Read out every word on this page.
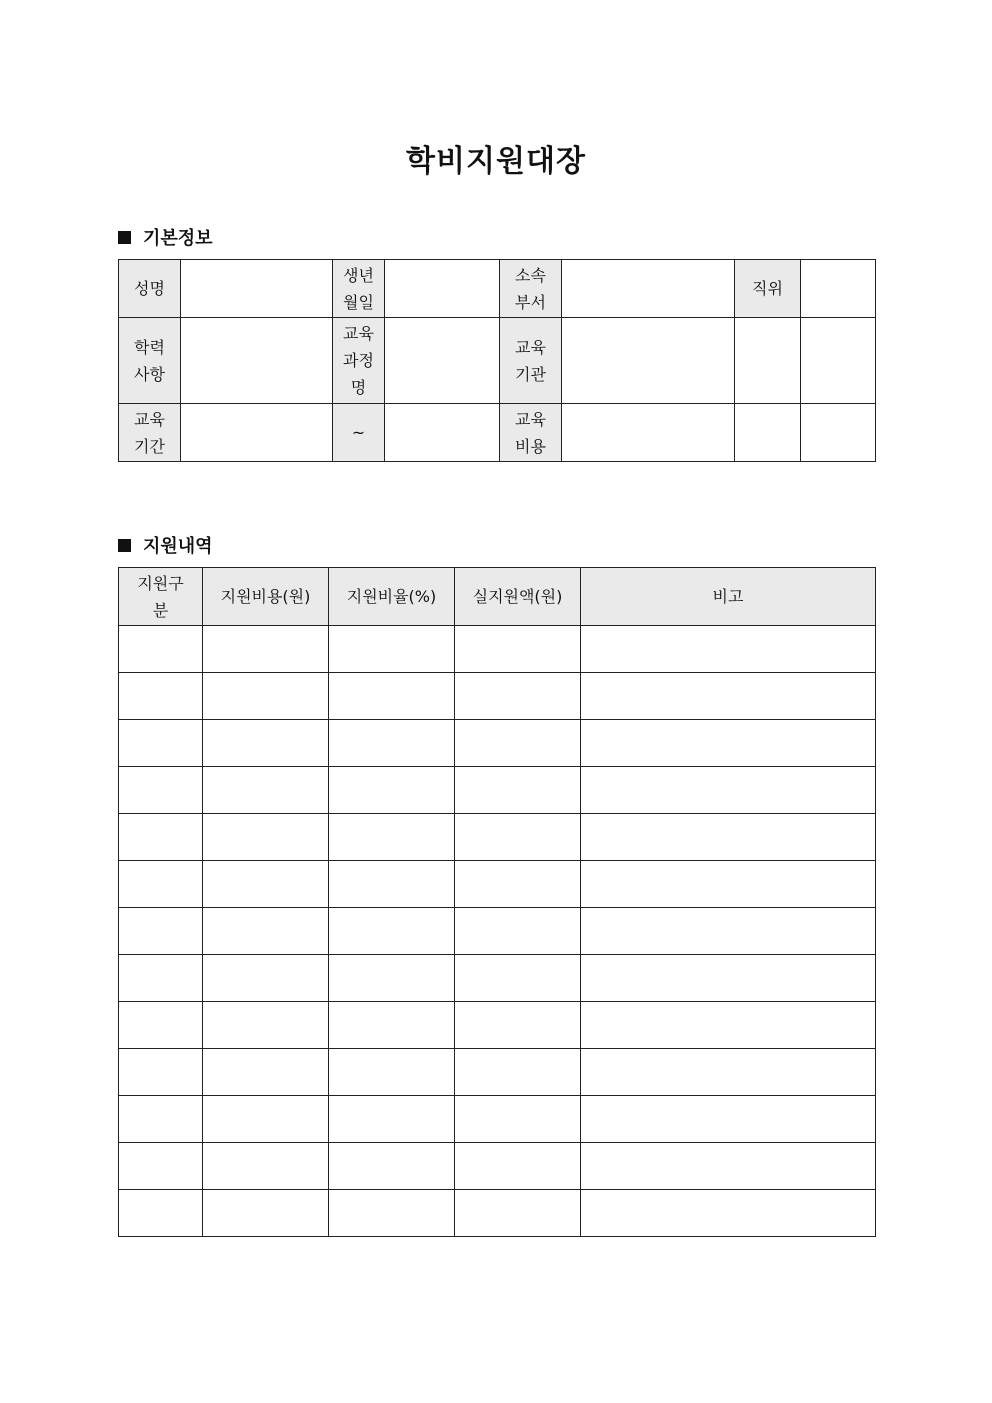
학비지원대장
기본정보
성명		생년월일		소속부서		직위	

학력사항		교육과정명		교육기관			

교육기간		~		교육비용			

지원내역
지원구분	지원비용(원)	지원비율(%)	실지원액(원)	비고
